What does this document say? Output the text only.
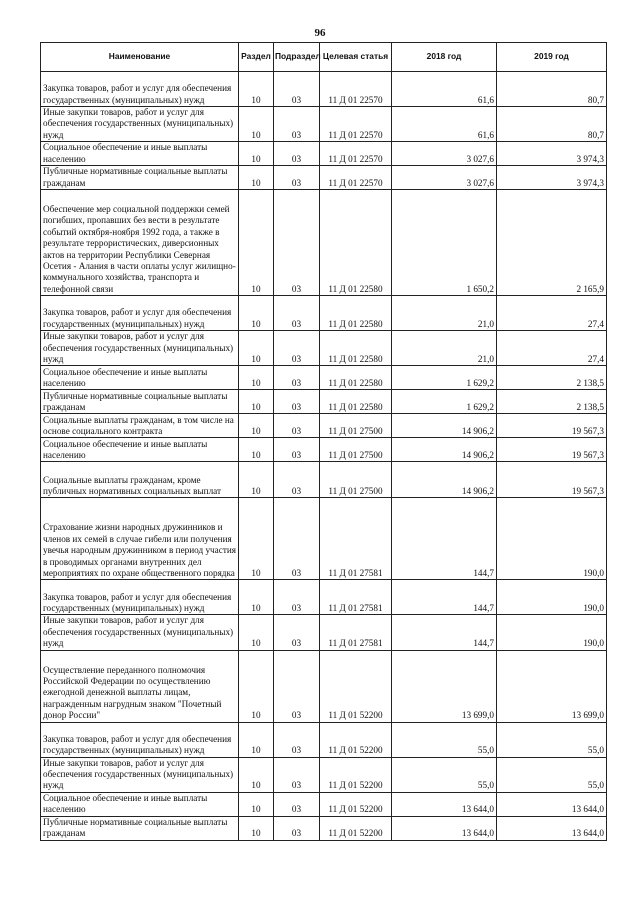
96
Наименование	Раздел	Подраздел	Целевая статья	2018 год	2019 год
Закупка товаров, работ и услуг для обеспечения государственных (муниципальных) нужд	10	03	11 Д 01 22570	61,6	80,7
Иные закупки товаров, работ и услуг для обеспечения государственных (муниципальных) нужд	10	03	11 Д 01 22570	61,6	80,7
Социальное обеспечение и иные выплаты населению	10	03	11 Д 01 22570	3 027,6	3 974,3
Публичные нормативные социальные выплаты гражданам	10	03	11 Д 01 22570	3 027,6	3 974,3
Обеспечение мер социальной поддержки семей погибших, пропавших без вести в результате событий октября-ноября 1992 года, а также в результате террористических, диверсионных актов на территории Республики Северная Осетия - Алания в части оплаты услуг жилищно-коммунального хозяйства, транспорта и телефонной связи	10	03	11 Д 01 22580	1 650,2	2 165,9
Закупка товаров, работ и услуг для обеспечения государственных (муниципальных) нужд	10	03	11 Д 01 22580	21,0	27,4
Иные закупки товаров, работ и услуг для обеспечения государственных (муниципальных) нужд	10	03	11 Д 01 22580	21,0	27,4
Социальное обеспечение и иные выплаты населению	10	03	11 Д 01 22580	1 629,2	2 138,5
Публичные нормативные социальные выплаты гражданам	10	03	11 Д 01 22580	1 629,2	2 138,5
Социальные выплаты гражданам, в том числе на основе социального контракта	10	03	11 Д 01 27500	14 906,2	19 567,3
Социальное обеспечение и иные выплаты населению	10	03	11 Д 01 27500	14 906,2	19 567,3
Социальные выплаты гражданам, кроме публичных нормативных социальных выплат	10	03	11 Д 01 27500	14 906,2	19 567,3
Страхование жизни народных дружинников и членов их семей в случае гибели или получения увечья народным дружинником в период участия в проводимых органами внутренних дел мероприятиях по охране общественного порядка	10	03	11 Д 01 27581	144,7	190,0
Закупка товаров, работ и услуг для обеспечения государственных (муниципальных) нужд	10	03	11 Д 01 27581	144,7	190,0
Иные закупки товаров, работ и услуг для обеспечения государственных (муниципальных) нужд	10	03	11 Д 01 27581	144,7	190,0
Осуществление переданного полномочия Российской Федерации по осуществлению ежегодной денежной выплаты лицам, награжденным нагрудным знаком "Почетный донор России"	10	03	11 Д 01 52200	13 699,0	13 699,0
Закупка товаров, работ и услуг для обеспечения государственных (муниципальных) нужд	10	03	11 Д 01 52200	55,0	55,0
Иные закупки товаров, работ и услуг для обеспечения государственных (муниципальных) нужд	10	03	11 Д 01 52200	55,0	55,0
Социальное обеспечение и иные выплаты населению	10	03	11 Д 01 52200	13 644,0	13 644,0
Публичные нормативные социальные выплаты гражданам	10	03	11 Д 01 52200	13 644,0	13 644,0
